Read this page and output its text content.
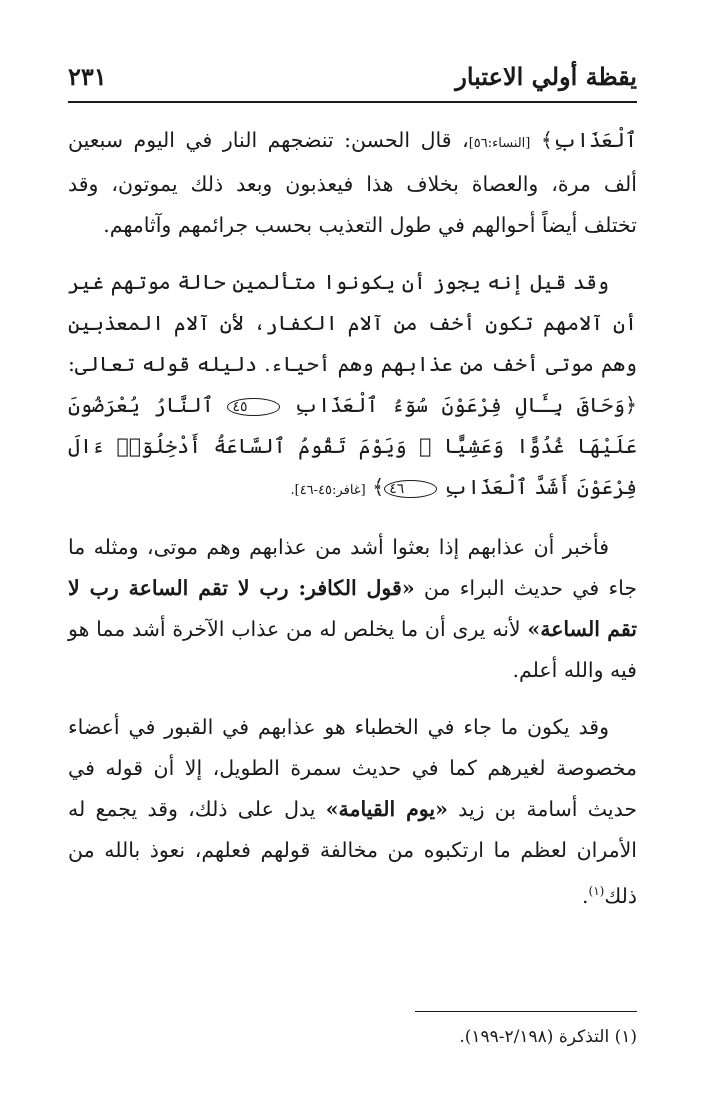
يقظة أولي الاعتبار
٢٣١

ٱلْعَذَابِ﴾ [النساء:٥٦]، قال الحسن: تنضجهم النار في اليوم سبعين ألف مرة، والعصاة بخلاف هذا فيعذبون وبعد ذلك يموتون، وقد تختلف أيضاً أحوالهم في طول التعذيب بحسب جرائمهم وآثامهم.

وقد قيل إنه يجوز أن يكونوا متألمين حالة موتهم غير أن آلامهم تكون أخف من آلام الكفار، لأن آلام المعذبين وهم موتى أخف من عذابهم وهم أحياء. دليله قوله تعالى: ﴿وَحَاقَ بِـَٔالِ فِرْعَوْنَ سُوٓءُ ٱلْعَذَابِ ٤٥ ٱلنَّارُ يُعْرَضُونَ عَلَيْهَا غُدُوًّا وَعَشِيًّا ۖ وَيَوْمَ تَقُومُ ٱلسَّاعَةُ أَدْخِلُوٓا۟ ءَالَ فِرْعَوْنَ أَشَدَّ ٱلْعَذَابِ ٤٦﴾ [غافر:٤٥-٤٦].

فأخبر أن عذابهم إذا بعثوا أشد من عذابهم وهم موتى، ومثله ما جاء في حديث البراء من «قول الكافر: رب لا تقم الساعة رب لا تقم الساعة» لأنه يرى أن ما يخلص له من عذاب الآخرة أشد مما هو فيه والله أعلم.

وقد يكون ما جاء في الخطباء هو عذابهم في القبور في أعضاء مخصوصة لغيرهم كما في حديث سمرة الطويل، إلا أن قوله في حديث أسامة بن زيد «يوم القيامة» يدل على ذلك، وقد يجمع له الأمران لعظم ما ارتكبوه من مخالفة قولهم فعلهم، نعوذ بالله من ذلك$^{(١)}$.

(١) التذكرة (٢/١٩٨-١٩٩).
